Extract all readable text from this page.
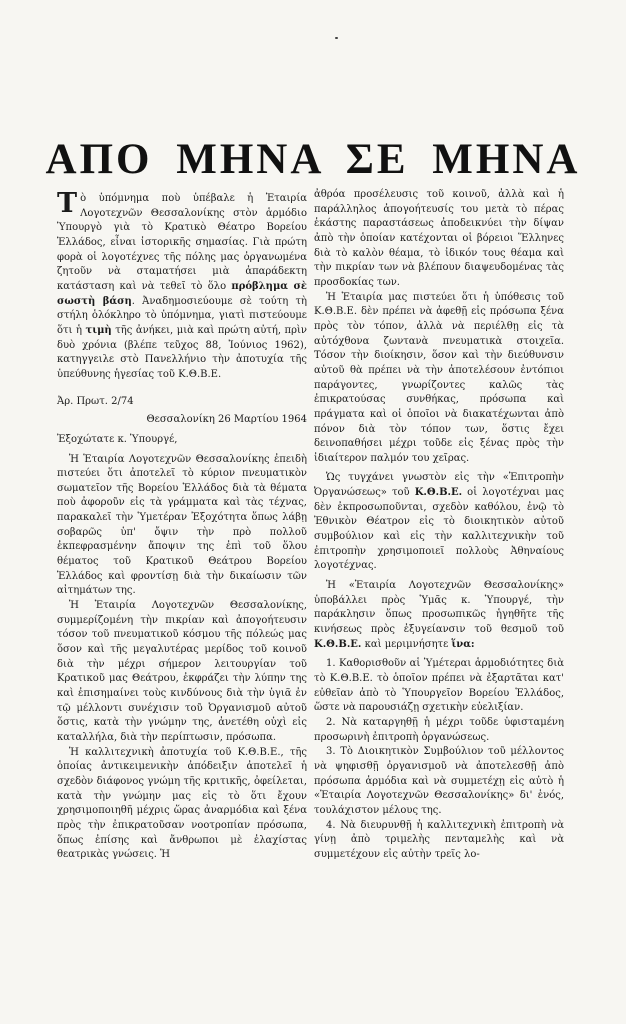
ΑΠΟ ΜΗΝΑ ΣΕ ΜΗΝΑ

Τὸ ὑπόμνημα ποὺ ὑπέβαλε ἡ Ἑταιρία Λογοτεχνῶν Θεσσαλονίκης στὸν ἁρμόδιο Ὑπουργὸ γιὰ τὸ Κρατικὸ Θέατρο Βορείου Ἑλλάδος, εἶναι ἱστορικῆς σημασίας. Γιὰ πρώτη φορὰ οἱ λογοτέχνες τῆς πόλης μας ὀργανωμένα ζητοῦν νὰ σταματήσει μιὰ ἀπαράδεκτη κατάσταση καὶ νὰ τεθεῖ τὸ ὅλο πρόβλημα σὲ σωστὴ βάση. Ἀναδημοσιεύουμε σὲ τούτη τὴ στήλη ὁλόκληρο τὸ ὑπόμνημα, γιατὶ πιστεύουμε ὅτι ἡ τιμὴ τῆς ἀνήκει, μιὰ καὶ πρώτη αὐτή, πρὶν δυὸ χρόνια (βλέπε τεῦχος 88, Ἰούνιος 1962), κατηγγειλε στὸ Πανελλήνιο τὴν ἀποτυχία τῆς ὑπεύθυνης ἡγεσίας τοῦ Κ.Θ.Β.Ε.

Ἀρ. Πρωτ. 2/74

Θεσσαλονίκη 26 Μαρτίου 1964

Ἐξοχώτατε κ. Ὑπουργέ,

Ἡ Ἑταιρία Λογοτεχνῶν Θεσσαλονίκης ἐπειδὴ πιστεύει ὅτι ἀποτελεῖ τὸ κύριον πνευματικὸν σωματεῖον τῆς Βορείου Ἑλλάδος διὰ τὰ θέματα ποὺ ἀφοροῦν εἰς τὰ γράμματα καὶ τὰς τέχνας, παρακαλεῖ τὴν Ὑμετέραν Ἐξοχότητα ὅπως λάβῃ σοβαρῶς ὑπ' ὄψιν τὴν πρὸ πολλοῦ ἐκπεφρασμένην ἄποψιν της ἐπὶ τοῦ ὅλου θέματος τοῦ Κρατικοῦ Θεάτρου Βορείου Ἑλλάδος καὶ φροντίσῃ διὰ τὴν δικαίωσιν τῶν αἰτημάτων της.

Ἡ Ἑταιρία Λογοτεχνῶν Θεσσαλονίκης, συμμερίζομένη τὴν πικρίαν καὶ ἀπογοήτευσιν τόσον τοῦ πνευματικοῦ κόσμου τῆς πόλεώς μας ὅσον καὶ τῆς μεγαλυτέρας μερίδος τοῦ κοινοῦ διὰ τὴν μέχρι σήμερον λειτουργίαν τοῦ Κρατικοῦ μας Θεάτρου, ἐκφράζει τὴν λύπην της καὶ ἐπισημαίνει τοὺς κινδύνους διὰ τὴν ὑγιᾶ ἐν τῷ μέλλοντι συνέχισιν τοῦ Ὀργανισμοῦ αὐτοῦ ὅστις, κατὰ τὴν γνώμην της, ἀνετέθη οὐχὶ εἰς καταλλήλα, διὰ τὴν περίπτωσιν, πρόσωπα.

Ἡ καλλιτεχνικὴ ἀποτυχία τοῦ Κ.Θ.Β.Ε., τῆς ὁποίας ἀντικειμενικὴν ἀπόδειξιν ἀποτελεῖ ἡ σχεδὸν διάφονος γνώμη τῆς κριτικῆς, ὀφείλεται, κατὰ τὴν γνώμην μας εἰς τὸ ὅτι ἔχουν χρησιμοποιηθῆ μέχρις ὥρας ἀναρμόδια καὶ ξένα πρὸς τὴν ἐπικρατοῦσαν νοοτροπίαν πρόσωπα, ὅπως ἐπίσης καὶ ἄνθρωποι μὲ ἐλαχίστας θεατρικὰς γνώσεις. Ἡ

ἀθρόα προσέλευσις τοῦ κοινοῦ, ἀλλὰ καὶ ἡ παράλληλος ἀπογοήτευσίς του μετὰ τὸ πέρας ἑκάστης παραστάσεως ἀποδεικνύει τὴν δίψαν ἀπὸ τὴν ὁποίαν κατέχονται οἱ βόρειοι Ἕλληνες διὰ τὸ καλὸν θέαμα, τὸ ἰδικόν τους θέαμα καὶ τὴν πικρίαν των νὰ βλέπουν διαψευδομένας τὰς προσδοκίας των.

Ἡ Ἑταιρία μας πιστεύει ὅτι ἡ ὑπόθεσις τοῦ Κ.Θ.Β.Ε. δὲν πρέπει νὰ ἀφεθῇ εἰς πρόσωπα ξένα πρὸς τὸν τόπον, ἀλλὰ νὰ περιέλθῃ εἰς τὰ αὐτόχθονα ζωντανὰ πνευματικὰ στοιχεῖα. Τόσον τὴν διοίκησιν, ὅσον καὶ τὴν διεύθυνσιν αὐτοῦ θὰ πρέπει νὰ τὴν ἀποτελέσουν ἐντόπιοι παράγοντες, γνωρίζοντες καλῶς τὰς ἐπικρατούσας συνθήκας, πρόσωπα καὶ πράγματα καὶ οἱ ὁποῖοι νὰ διακατέχωνται ἀπὸ πόνον διὰ τὸν τόπον των, ὅστις ἔχει δεινοπαθήσει μέχρι τοῦδε εἰς ξένας πρὸς τὴν ἰδιαίτερον παλμόν του χεῖρας.

Ὡς τυγχάνει γνωστὸν εἰς τὴν «Ἐπιτροπὴν Ὀργανώσεως» τοῦ Κ.Θ.Β.Ε. οἱ λογοτέχναι μας δὲν ἐκπροσωποῦνται, σχεδὸν καθόλου, ἐνῷ τὸ Ἐθνικὸν Θέατρον εἰς τὸ διοικητικὸν αὐτοῦ συμβούλιον καὶ εἰς τὴν καλλιτεχνικὴν τοῦ ἐπιτροπὴν χρησιμοποιεῖ πολλοὺς Ἀθηναίους λογοτέχνας.

Ἡ «Ἑταιρία Λογοτεχνῶν Θεσσαλονίκης» ὑποβάλλει πρὸς Ὑμᾶς κ. Ὑπουργέ, τὴν παράκλησιν ὅπως προσωπικῶς ἡγηθῆτε τῆς κινήσεως πρὸς ἐξυγείανσιν τοῦ θεσμοῦ τοῦ Κ.Θ.Β.Ε. καὶ μεριμνήσητε ἵνα:

1. Καθορισθοῦν αἱ Ὑμέτεραι ἁρμοδιότητες διὰ τὸ Κ.Θ.Β.Ε. τὸ ὁποῖον πρέπει νὰ ἐξαρτᾶται κατ' εὐθεῖαν ἀπὸ τὸ Ὑπουργεῖον Βορείου Ἑλλάδος, ὥστε νὰ παρουσιάζῃ σχετικὴν εὐελιξίαν.

2. Νὰ καταργηθῇ ἡ μέχρι τοῦδε ὑφισταμένη προσωρινὴ ἐπιτροπὴ ὀργανώσεως.

3. Τὸ Διοικητικὸν Συμβούλιον τοῦ μέλλοντος νὰ ψηφισθῇ ὀργανισμοῦ νὰ ἀποτελεσθῇ ἀπὸ πρόσωπα ἁρμόδια καὶ νὰ συμμετέχῃ εἰς αὐτὸ ἡ «Ἑταιρία Λογοτεχνῶν Θεσσαλονίκης» δι' ἑνός, τουλάχιστον μέλους της.

4. Νὰ διευρυνθῇ ἡ καλλιτεχνικὴ ἐπιτροπὴ νὰ γίνῃ ἀπὸ τριμελὴς πενταμελὴς καὶ νὰ συμμετέχουν εἰς αὐτὴν τρεῖς λο-
